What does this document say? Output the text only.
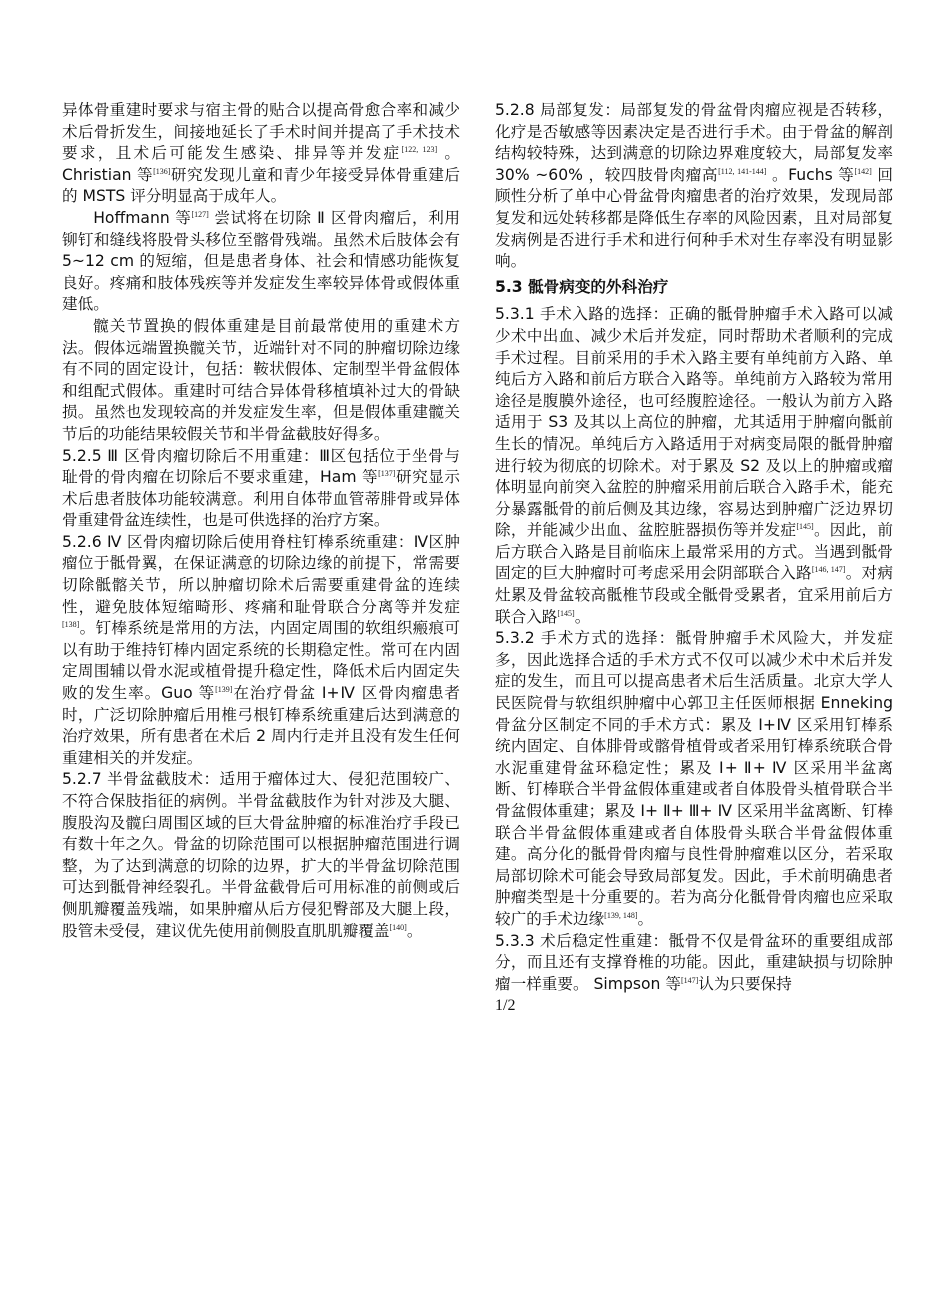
异体骨重建时要求与宿主骨的贴合以提高骨愈合率和减少术后骨折发生，间接地延长了手术时间并提高了手术技术要求，且术后可能发生感染、排异等并发症[122, 123] 。Christian 等[136]研究发现儿童和青少年接受异体骨重建后的 MSTS 评分明显高于成年人。

Hoffmann 等[127] 尝试将在切除 Ⅱ 区骨肉瘤后，利用铆钉和缝线将股骨头移位至髂骨残端。虽然术后肢体会有 5~12 cm 的短缩，但是患者身体、社会和情感功能恢复良好。疼痛和肢体残疾等并发症发生率较异体骨或假体重建低。

髋关节置换的假体重建是目前最常使用的重建术方法。假体远端置换髋关节，近端针对不同的肿瘤切除边缘有不同的固定设计，包括：鞍状假体、定制型半骨盆假体和组配式假体。重建时可结合异体骨移植填补过大的骨缺损。虽然也发现较高的并发症发生率，但是假体重建髋关节后的功能结果较假关节和半骨盆截肢好得多。

5.2.5 Ⅲ 区骨肉瘤切除后不用重建：Ⅲ区包括位于坐骨与耻骨的骨肉瘤在切除后不要求重建，Ham 等[137]研究显示术后患者肢体功能较满意。利用自体带血管蒂腓骨或异体骨重建骨盆连续性，也是可供选择的治疗方案。

5.2.6 Ⅳ 区骨肉瘤切除后使用脊柱钉棒系统重建：Ⅳ区肿瘤位于骶骨翼，在保证满意的切除边缘的前提下，常需要切除骶髂关节，所以肿瘤切除术后需要重建骨盆的连续性，避免肢体短缩畸形、疼痛和耻骨联合分离等并发症[138]。钉棒系统是常用的方法，内固定周围的软组织瘢痕可以有助于维持钉棒内固定系统的长期稳定性。常可在内固定周围辅以骨水泥或植骨提升稳定性，降低术后内固定失败的发生率。Guo 等[139]在治疗骨盆 I+Ⅳ 区骨肉瘤患者时，广泛切除肿瘤后用椎弓根钉棒系统重建后达到满意的治疗效果，所有患者在术后 2 周内行走并且没有发生任何重建相关的并发症。

5.2.7 半骨盆截肢术：适用于瘤体过大、侵犯范围较广、不符合保肢指征的病例。半骨盆截肢作为针对涉及大腿、腹股沟及髋臼周围区域的巨大骨盆肿瘤的标准治疗手段已有数十年之久。骨盆的切除范围可以根据肿瘤范围进行调整，为了达到满意的切除的边界，扩大的半骨盆切除范围可达到骶骨神经裂孔。半骨盆截骨后可用标准的前侧或后侧肌瓣覆盖残端，如果肿瘤从后方侵犯臀部及大腿上段，股管未受侵，建议优先使用前侧股直肌肌瓣覆盖[140]。

5.2.8 局部复发：局部复发的骨盆骨肉瘤应视是否转移，化疗是否敏感等因素决定是否进行手术。由于骨盆的解剖结构较特殊，达到满意的切除边界难度较大，局部复发率 30% ~60% ，较四肢骨肉瘤高[112, 141-144] 。Fuchs 等[142] 回顾性分析了单中心骨盆骨肉瘤患者的治疗效果，发现局部复发和远处转移都是降低生存率的风险因素，且对局部复发病例是否进行手术和进行何种手术对生存率没有明显影响。

5.3 骶骨病变的外科治疗

5.3.1 手术入路的选择：正确的骶骨肿瘤手术入路可以减少术中出血、减少术后并发症，同时帮助术者顺利的完成手术过程。目前采用的手术入路主要有单纯前方入路、单纯后方入路和前后方联合入路等。单纯前方入路较为常用途径是腹膜外途径，也可经腹腔途径。一般认为前方入路适用于 S3 及其以上高位的肿瘤，尤其适用于肿瘤向骶前生长的情况。单纯后方入路适用于对病变局限的骶骨肿瘤进行较为彻底的切除术。对于累及 S2 及以上的肿瘤或瘤体明显向前突入盆腔的肿瘤采用前后联合入路手术，能充分暴露骶骨的前后侧及其边缘，容易达到肿瘤广泛边界切除，并能减少出血、盆腔脏器损伤等并发症[145]。因此，前后方联合入路是目前临床上最常采用的方式。当遇到骶骨固定的巨大肿瘤时可考虑采用会阴部联合入路[146, 147]。对病灶累及骨盆较高骶椎节段或全骶骨受累者，宜采用前后方联合入路[145]。

5.3.2 手术方式的选择：骶骨肿瘤手术风险大，并发症多，因此选择合适的手术方式不仅可以减少术中术后并发症的发生，而且可以提高患者术后生活质量。北京大学人民医院骨与软组织肿瘤中心郭卫主任医师根据 Enneking 骨盆分区制定不同的手术方式：累及 I+Ⅳ 区采用钉棒系统内固定、自体腓骨或髂骨植骨或者采用钉棒系统联合骨水泥重建骨盆环稳定性；累及 Ⅰ+ Ⅱ+ Ⅳ 区采用半盆离断、钉棒联合半骨盆假体重建或者自体股骨头植骨联合半骨盆假体重建；累及 Ⅰ+ Ⅱ+ Ⅲ+ Ⅳ 区采用半盆离断、钉棒联合半骨盆假体重建或者自体股骨头联合半骨盆假体重建。高分化的骶骨骨肉瘤与良性骨肿瘤难以区分，若采取局部切除术可能会导致局部复发。因此，手术前明确患者肿瘤类型是十分重要的。若为高分化骶骨骨肉瘤也应采取较广的手术边缘[139, 148]。

5.3.3 术后稳定性重建：骶骨不仅是骨盆环的重要组成部分，而且还有支撑脊椎的功能。因此，重建缺损与切除肿瘤一样重要。 Simpson 等[147]认为只要保持

1/2
